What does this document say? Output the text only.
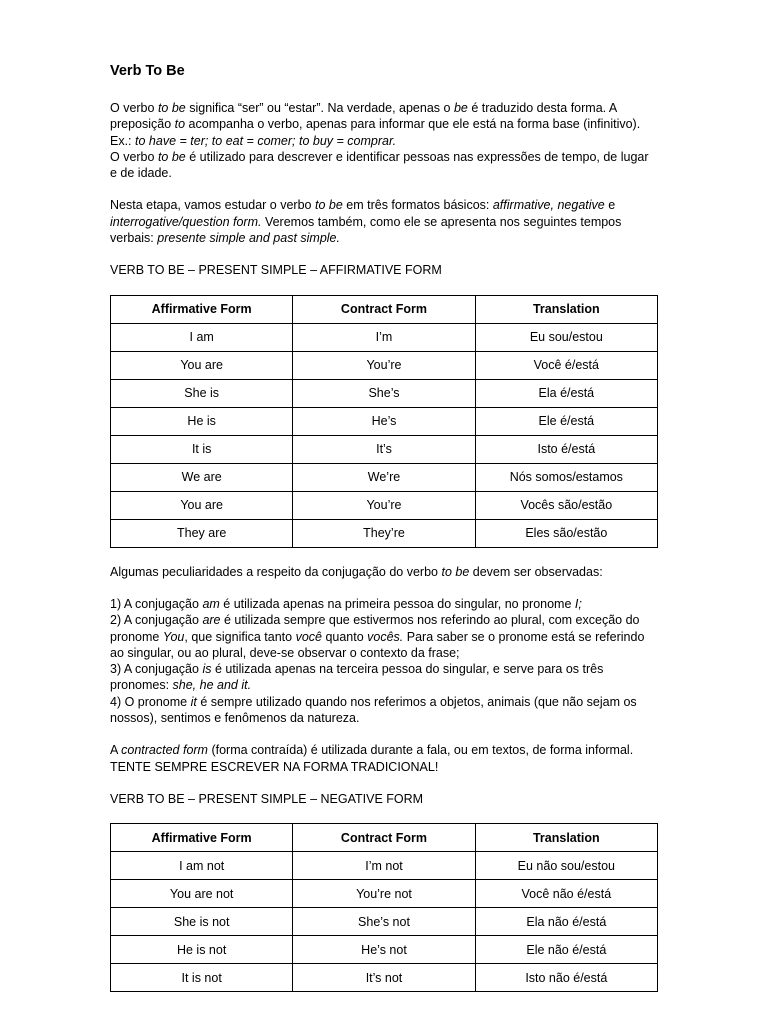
Verb To Be

O verbo to be significa “ser” ou “estar”. Na verdade, apenas o be é traduzido desta forma. A preposição to acompanha o verbo, apenas para informar que ele está na forma base (infinitivo). Ex.: to have = ter; to eat = comer; to buy = comprar.

O verbo to be é utilizado para descrever e identificar pessoas nas expressões de tempo, de lugar e de idade.

Nesta etapa, vamos estudar o verbo to be em três formatos básicos: affirmative, negative e interrogative/question form. Veremos também, como ele se apresenta nos seguintes tempos verbais: presente simple and past simple.

VERB TO BE – PRESENT SIMPLE – AFFIRMATIVE FORM

Affirmative Form	Contract Form	Translation
I am	I’m	Eu sou/estou
You are	You’re	Você é/está
She is	She’s	Ela é/está
He is	He’s	Ele é/está
It is	It’s	Isto é/está
We are	We’re	Nós somos/estamos
You are	You’re	Vocês são/estão
They are	They’re	Eles são/estão

Algumas peculiaridades a respeito da conjugação do verbo to be devem ser observadas:

1) A conjugação am é utilizada apenas na primeira pessoa do singular, no pronome I;

2) A conjugação are é utilizada sempre que estivermos nos referindo ao plural, com exceção do pronome You, que significa tanto você quanto vocês. Para saber se o pronome está se referindo ao singular, ou ao plural, deve-se observar o contexto da frase;

3) A conjugação is é utilizada apenas na terceira pessoa do singular, e serve para os três pronomes: she, he and it.

4) O pronome it é sempre utilizado quando nos referimos a objetos, animais (que não sejam os nossos), sentimos e fenômenos da natureza.

A contracted form (forma contraída) é utilizada durante a fala, ou em textos, de forma informal. TENTE SEMPRE ESCREVER NA FORMA TRADICIONAL!

VERB TO BE – PRESENT SIMPLE – NEGATIVE FORM

Affirmative Form	Contract Form	Translation
I am not	I’m not	Eu não sou/estou
You are not	You’re not	Você não é/está
She is not	She’s not	Ela não é/está
He is not	He’s not	Ele não é/está
It is not	It’s not	Isto não é/está
